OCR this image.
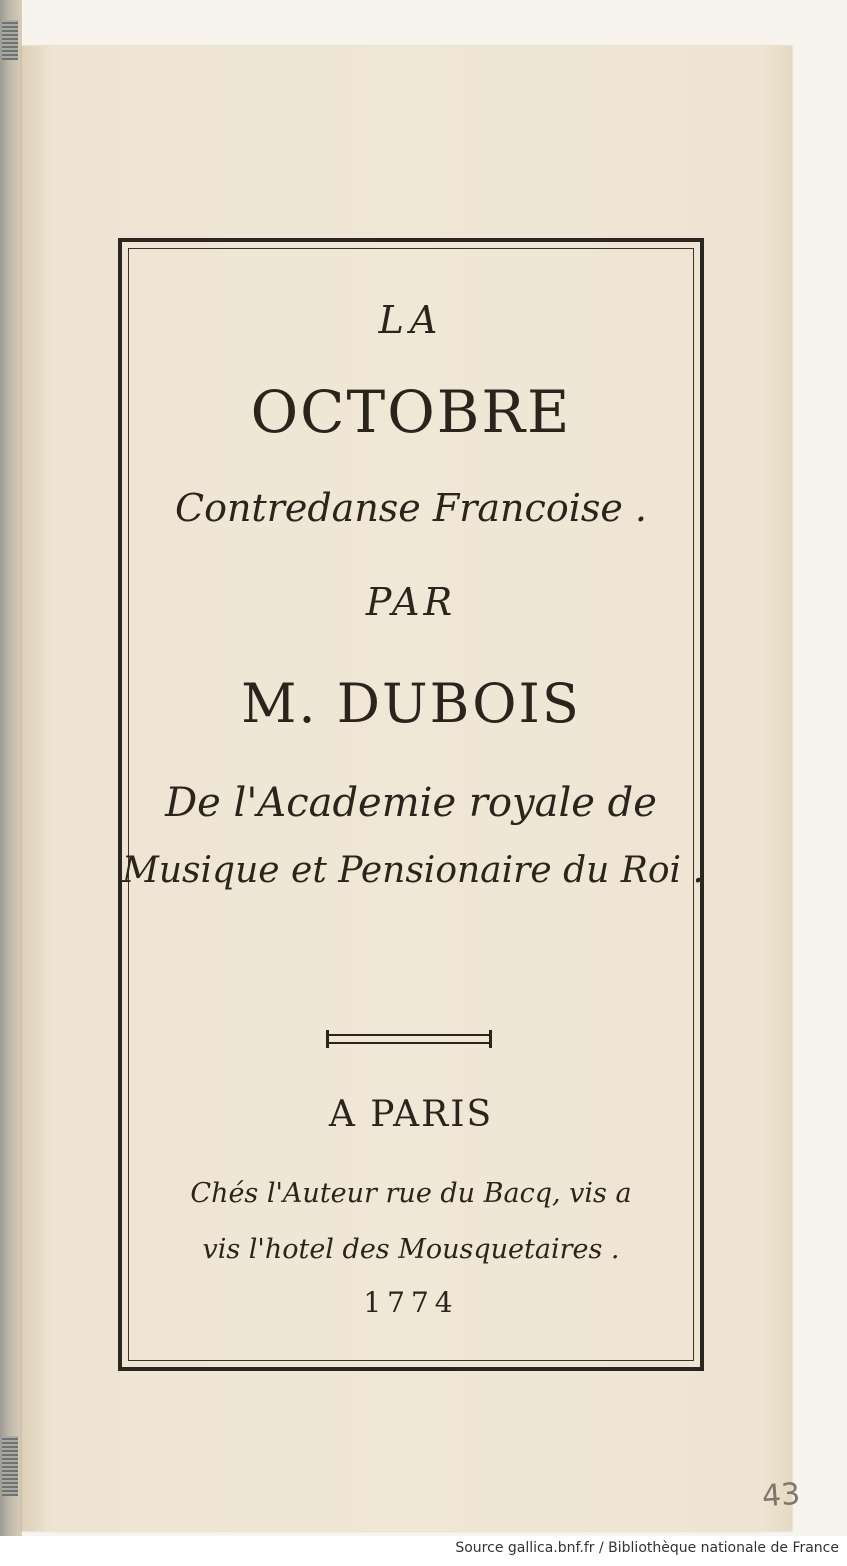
LA
OCTOBRE
Contredanse Francoise .
PAR
M. DUBOIS
De l'Academie royale de
Musique et Pensionaire du Roi .
A PARIS
Chés l'Auteur rue du Bacq, vis a
vis l'hotel des Mousquetaires .
1774
43
Source gallica.bnf.fr / Bibliothèque nationale de France
